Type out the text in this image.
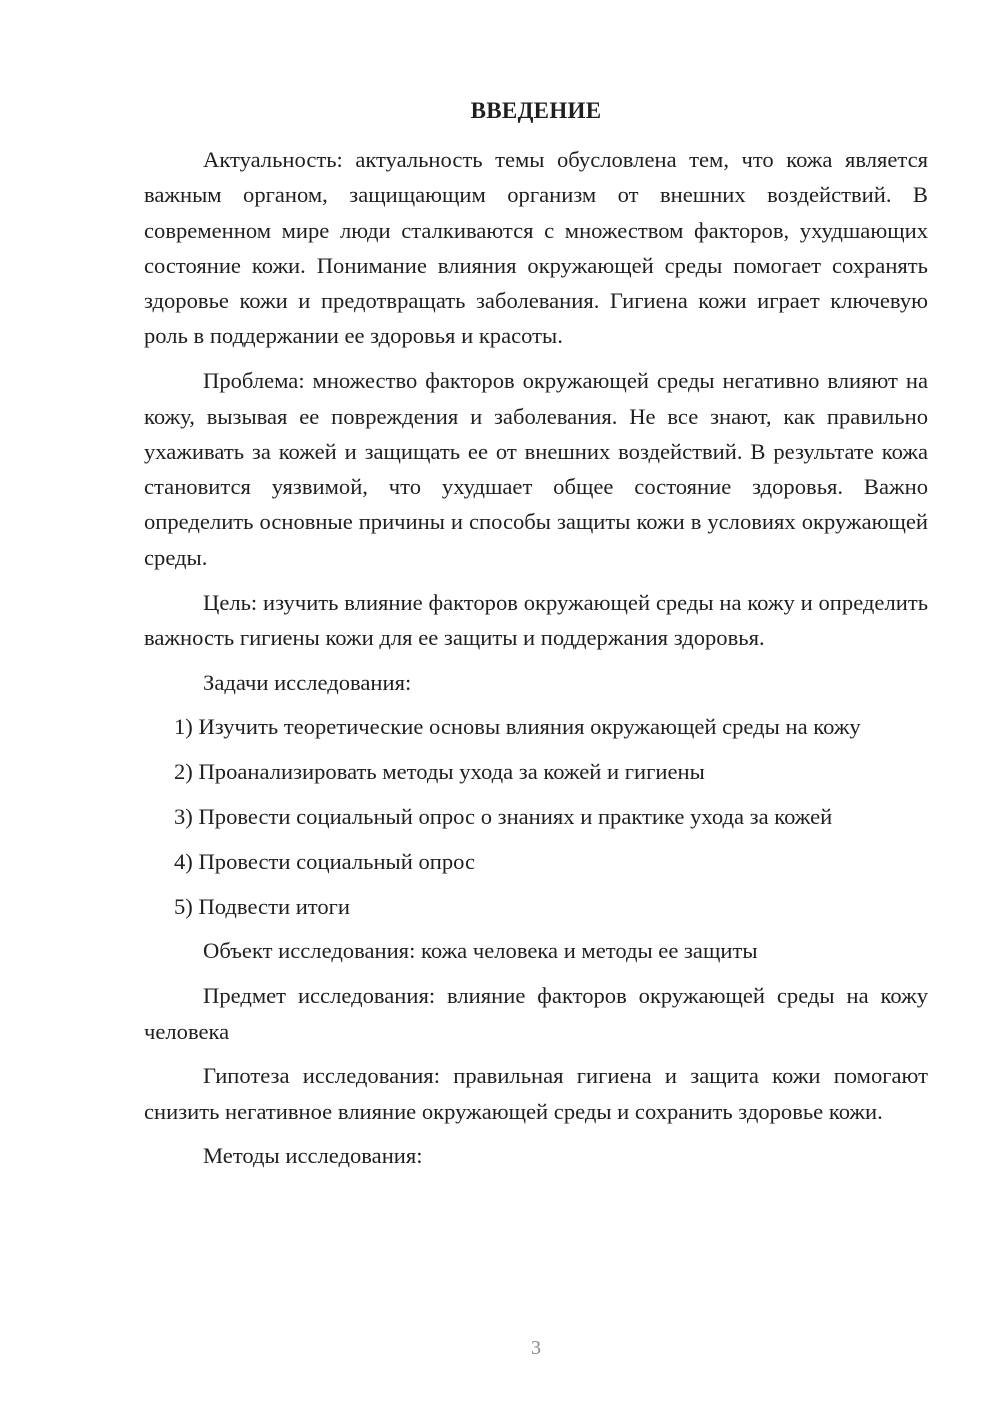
ВВЕДЕНИЕ

Актуальность: актуальность темы обусловлена тем, что кожа является важным органом, защищающим организм от внешних воздействий. В современном мире люди сталкиваются с множеством факторов, ухудшающих состояние кожи. Понимание влияния окружающей среды помогает сохранять здоровье кожи и предотвращать заболевания. Гигиена кожи играет ключевую роль в поддержании ее здоровья и красоты.

Проблема: множество факторов окружающей среды негативно влияют на кожу, вызывая ее повреждения и заболевания. Не все знают, как правильно ухаживать за кожей и защищать ее от внешних воздействий. В результате кожа становится уязвимой, что ухудшает общее состояние здоровья. Важно определить основные причины и способы защиты кожи в условиях окружающей среды.

Цель: изучить влияние факторов окружающей среды на кожу и определить важность гигиены кожи для ее защиты и поддержания здоровья.

Задачи исследования:

1) Изучить теоретические основы влияния окружающей среды на кожу

2) Проанализировать методы ухода за кожей и гигиены

3) Провести социальный опрос о знаниях и практике ухода за кожей

4) Провести социальный опрос

5) Подвести итоги

Объект исследования: кожа человека и методы ее защиты

Предмет исследования: влияние факторов окружающей среды на кожу человека

Гипотеза исследования: правильная гигиена и защита кожи помогают снизить негативное влияние окружающей среды и сохранить здоровье кожи.

Методы исследования:

3
